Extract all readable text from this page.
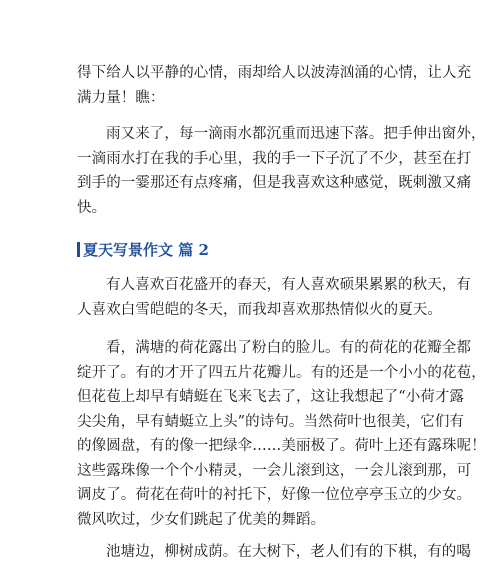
得下给人以平静的心情，雨却给人以波涛汹涌的心情，让人充
满力量！瞧：

雨又来了，每一滴雨水都沉重而迅速下落。把手伸出窗外，
一滴雨水打在我的手心里，我的手一下子沉了不少，甚至在打
到手的一霎那还有点疼痛，但是我喜欢这种感觉，既刺激又痛
快。

夏天写景作文 篇 2

有人喜欢百花盛开的春天，有人喜欢硕果累累的秋天，有
人喜欢白雪皑皑的冬天，而我却喜欢那热情似火的夏天。

看，满塘的荷花露出了粉白的脸儿。有的荷花的花瓣全都
绽开了。有的才开了四五片花瓣儿。有的还是一个小小的花苞，
但花苞上却早有蜻蜓在飞来飞去了，这让我想起了“小荷才露
尖尖角，早有蜻蜓立上头”的诗句。当然荷叶也很美，它们有
的像圆盘，有的像一把绿伞……美丽极了。荷叶上还有露珠呢！
这些露珠像一个个小精灵，一会儿滚到这，一会儿滚到那，可
调皮了。荷花在荷叶的衬托下，好像一位位亭亭玉立的少女。
微风吹过，少女们跳起了优美的舞蹈。

池塘边，柳树成荫。在大树下，老人们有的下棋，有的喝
